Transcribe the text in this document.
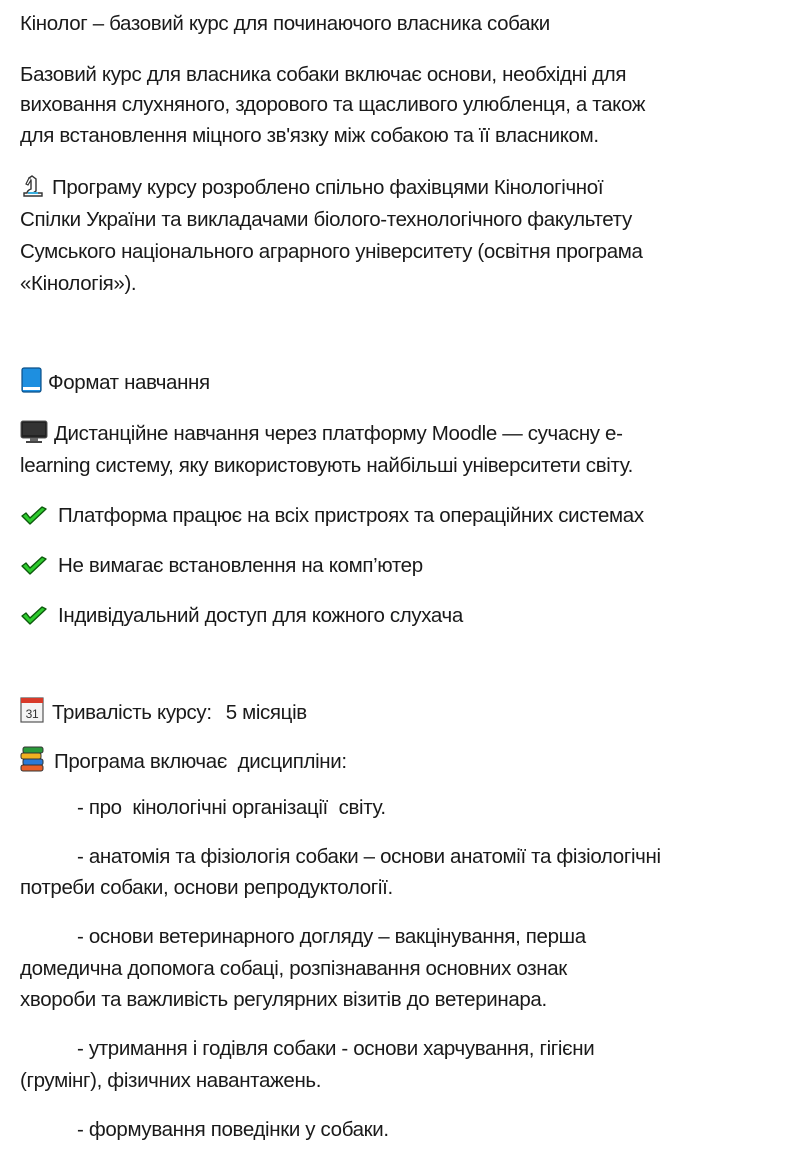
Кінолог – базовий курс для починаючого власника собаки
Базовий курс для власника собаки включає основи, необхідні для
виховання слухняного, здорового та щасливого улюбленця, а також
для встановлення міцного зв'язку між собакою та її власником.
Програму курсу розроблено спільно фахівцями Кінологічної
Спілки України та викладачами біолого-технологічного факультету
Сумського національного аграрного університету (освітня програма
«Кінологія»).
Формат навчання
Дистанційне навчання через платформу Moodle — сучасну e-
learning систему, яку використовують найбільші університети світу.
Платформа працює на всіх пристроях та операційних системах
Не вимагає встановлення на комп’ютер
Індивідуальний доступ для кожного слухача
31 Тривалість курсу: 5 місяців
Програма включає  дисципліни:
- про  кінологічні організації  світу.
- анатомія та фізіологія собаки – основи анатомії та фізіологічні
потреби собаки, основи репродуктології.
- основи ветеринарного догляду – вакцінування, перша
домедична допомога собаці, розпізнавання основних ознак
хвороби та важливість регулярних візитів до ветеринара.
- утримання і годівля собаки - основи харчування, гігієни
(грумінг), фізичних навантажень.
- формування поведінки у собаки.
